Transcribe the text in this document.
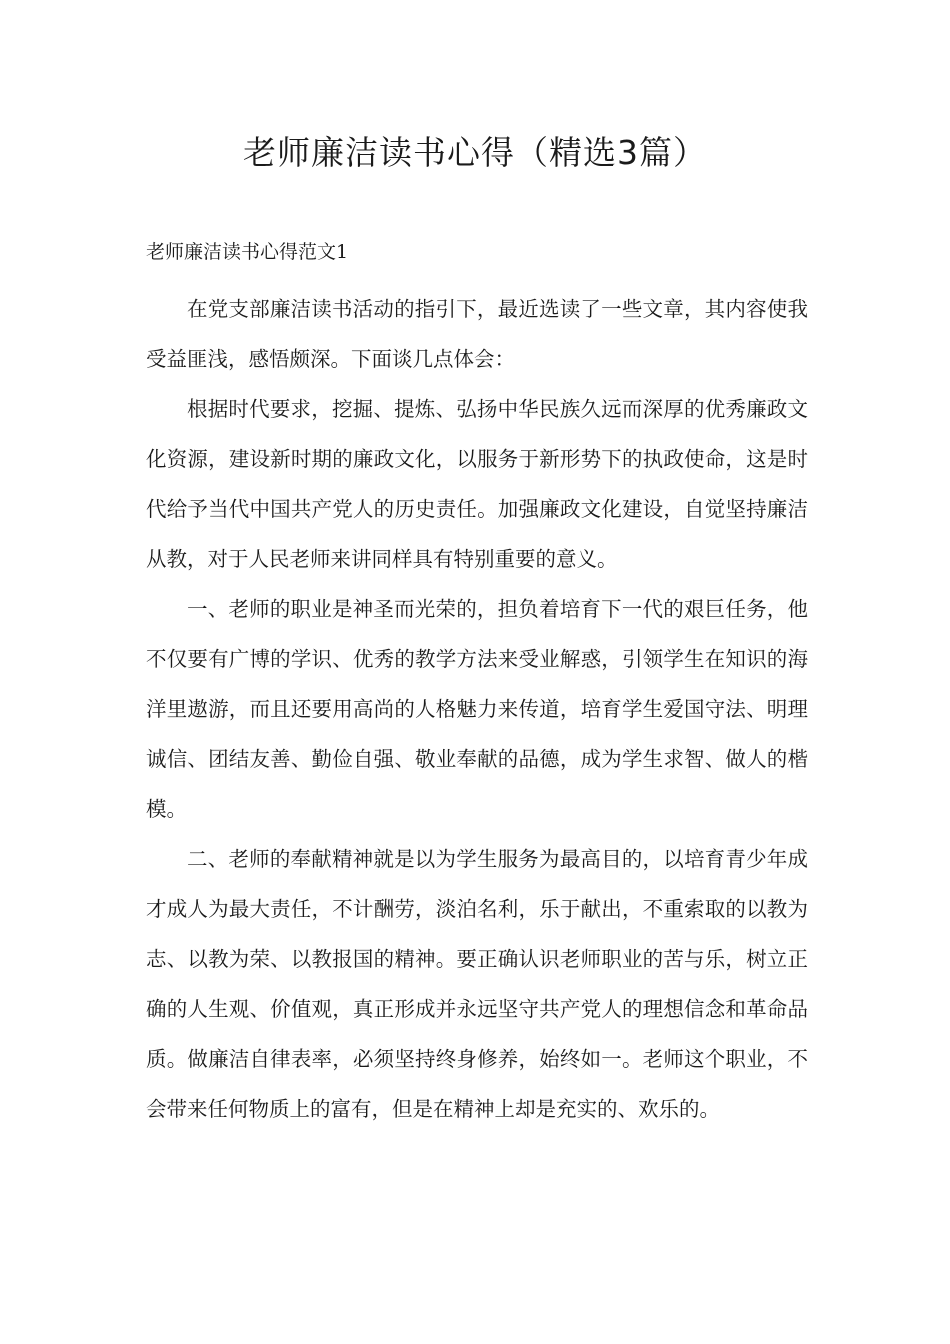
老师廉洁读书心得（精选3篇）
老师廉洁读书心得范文1

在党支部廉洁读书活动的指引下，最近选读了一些文章，其内容使我受益匪浅，感悟颇深。下面谈几点体会：

根据时代要求，挖掘、提炼、弘扬中华民族久远而深厚的优秀廉政文化资源，建设新时期的廉政文化，以服务于新形势下的执政使命，这是时代给予当代中国共产党人的历史责任。加强廉政文化建设，自觉坚持廉洁从教，对于人民老师来讲同样具有特别重要的意义。

一、老师的职业是神圣而光荣的，担负着培育下一代的艰巨任务，他不仅要有广博的学识、优秀的教学方法来受业解惑，引领学生在知识的海洋里遨游，而且还要用高尚的人格魅力来传道，培育学生爱国守法、明理诚信、团结友善、勤俭自强、敬业奉献的品德，成为学生求智、做人的楷模。

二、老师的奉献精神就是以为学生服务为最高目的，以培育青少年成才成人为最大责任，不计酬劳，淡泊名利，乐于献出，不重索取的以教为志、以教为荣、以教报国的精神。要正确认识老师职业的苦与乐，树立正确的人生观、价值观，真正形成并永远坚守共产党人的理想信念和革命品质。做廉洁自律表率，必须坚持终身修养，始终如一。老师这个职业，不会带来任何物质上的富有，但是在精神上却是充实的、欢乐的。
